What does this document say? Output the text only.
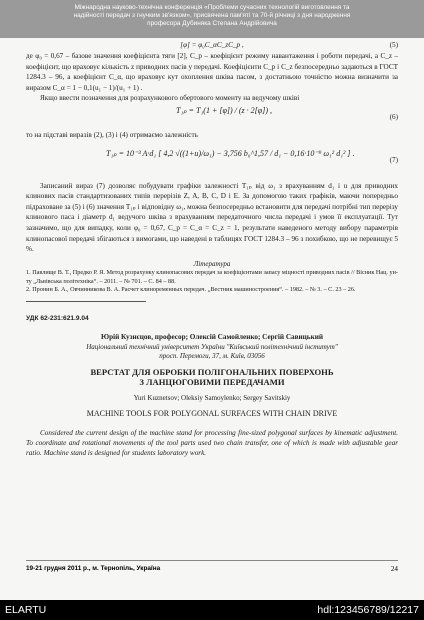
Міжнародна науково-технічна конференція «Проблеми сучасних технологій виготовлення та
надійності передач з гнучким зв'язком», присвячена пам'яті та 70-й річниці з дня народження
професора Дубиняка Степана Андрійовича
[φ] = φ₀C_αC_zC_p ,	(5)

де φ₀ = 0,67 – базове значення коефіцієнта тяги [2], C_p – коефіцієнт режиму навантаження і роботи передачі, а C_z – коефіцієнт, що враховує кількість z приводних пасів у передачі. Коефіцієнти C_p і C_z безпосередньо задаються в ГОСТ 1284.3 – 96, а коефіцієнт C_α, що враховує кут охоплення шківа пасом, з достатньою точністю можна визначити за виразом C_α = 1 − 0,1(u₁ − 1)/(u₁ + 1) .

Якщо ввести позначення для розрахункового обертового моменту на ведучому шківі

T₁ₚ = T₁(1 + [φ]) / (z · 2[φ]) ,
(6)

то на підставі виразів (2), (3) і (4) отримаємо залежність

T₁ₚ = 10⁻³ A·d₁ [ 4,2 √((1+u)/ω₁) − 3,756 b₀^1,57 / d₁ − 0,16·10⁻⁹ ω₁² d₁² ] .
(7)

Записаний вираз (7) дозволяє побудувати графіки залежності T₁ₚ від ω₁ з врахуванням d₁ і u для приводних клинових пасів стандартизованих типів перерізів Z, A, B, C, D і E. За допомогою таких графіків, маючи попередньо підраховане за (5) і (6) значення T₁ₚ і відповідну ω₁, можна безпосередньо встановити для передачі потрібні тип перерізу клинового паса і діаметр d₁ ведучого шківа з врахуванням передаточного числа передачі і умов її експлуатації. Тут зазначимо, що для випадку, коли φ₀ = 0,67, C_p = C_α = C_z = 1, результати наведеного методу вибору параметрів клинопасової передачі збігаються з вимогами, що наведені в таблицях ГОСТ 1284.3 – 96 з похибкою, що не перевищує 5 %.

Література

1. Павлище В. Т., Предко Р. Я. Метод розрахунку клинопасових передач за коефіцієнтами запасу міцності приводних пасів // Вісник Нац. ун-ту „Львівська політехніка“. – 2011. – № 701. – С. 84 – 88.

2. Пронин Б. А., Овчинникова В. А. Расчет клиноременных передач. „Вестник машиностроения“. – 1982. – № 3. – С. 23 – 26.

УДК 62-231:621.9.04
Юрій Кузнєцов, професор; Олексій Самойленко; Сергій Савицький
Національний технічний університет України "Київський політехнічний інститут"
просп. Перемоги, 37, м. Київ, 03056
ВЕРСТАТ ДЛЯ ОБРОБКИ ПОЛІГОНАЛЬНИХ ПОВЕРХОНЬ
З ЛАНЦЮГОВИМИ ПЕРЕДАЧАМИ
Yuri Kuznetsov; Oleksiy Samoylenko; Sergey Savitskiy
MACHINE TOOLS FOR POLYGONAL SURFACES WITH CHAIN DRIVE

Considered the current design of the machine stand for processing fine-sized polygonal surfaces by kinematic adjustment. To coordinate and rotational movements of the tool parts used two chain transfer, one of which is made with adjustable gear ratio. Machine stand is designed for students laboratory work.

19-21 грудня 2011 р., м. Тернопіль, Україна	24
ELARTU	hdl:123456789/12217
